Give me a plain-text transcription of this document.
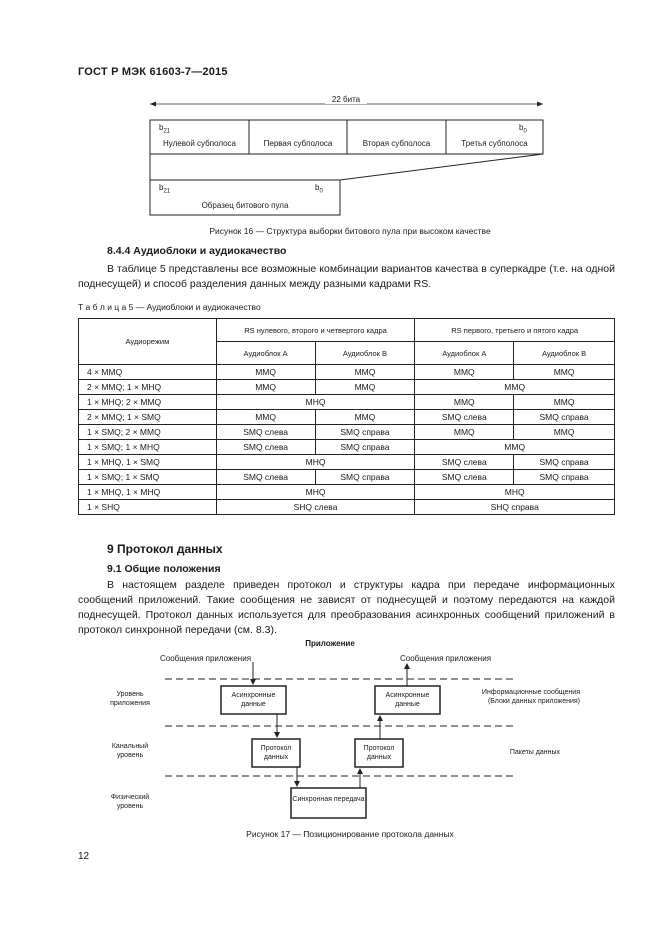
ГОСТ Р МЭК 61603-7—2015
22 бита
$b_{21}$	$b_0$
Нулевой субполоса	Первая субполоса	Вторая субполоса	Третья субполоса
$b_{21}$	$b_0$
Образец битового пула
Рисунок 16 — Структура выборки битового пула при высоком качестве
8.4.4 Аудиоблоки и аудиокачество
В таблице 5 представлены все возможные комбинации вариантов качества в суперкадре (т.е. на одной поднесущей) и способ разделения данных между разными кадрами RS.
Т а б л и ц а 5 — Аудиоблоки и аудиокачество
Аудиорежим	RS нулевого, второго и четвертого кадра		RS первого, третьего и пятого кадра	
	Аудиоблок А	Аудиоблок В	Аудиоблок А	Аудиоблок В
4 × MMQ	MMQ	MMQ	MMQ	MMQ
2 × MMQ; 1 × MHQ	MMQ	MMQ	MMQ	
1 × MHQ; 2 × MMQ	MHQ		MMQ	MMQ
2 × MMQ; 1 × SMQ	MMQ	MMQ	SMQ слева	SMQ справа
1 × SMQ; 2 × MMQ	SMQ слева	SMQ справа	MMQ	MMQ
1 × SMQ; 1 × MHQ	SMQ слева	SMQ справа	MMQ	
1 × MHQ, 1 × SMQ	MHQ		SMQ слева	SMQ справа
1 × SMQ; 1 × SMQ	SMQ слева	SMQ справа	SMQ слева	SMQ справа
1 × MHQ, 1 × MHQ	MHQ		MHQ	
1 × SHQ	SHQ слева		SHQ справа	
9 Протокол данных
9.1 Общие положения
В настоящем разделе приведен протокол и структуры кадра при передаче информационных сообщений приложений. Такие сообщения не зависят от поднесущей и поэтому передаются на каждой поднесущей. Протокол данных используется для преобразования асинхронных сообщений приложений в протокол синхронной передачи (см. 8.3).
Приложение
Сообщения приложения	Сообщения приложения
Уровень приложения
Канальный уровень
Физический уровень
Асинхронные данные
Асинхронные данные
Протокол данных
Протокол данных
Синхронная передача
Информационные сообщения (Блоки данных приложения)
Пакеты данных
Рисунок 17 — Позиционирование протокола данных
12
